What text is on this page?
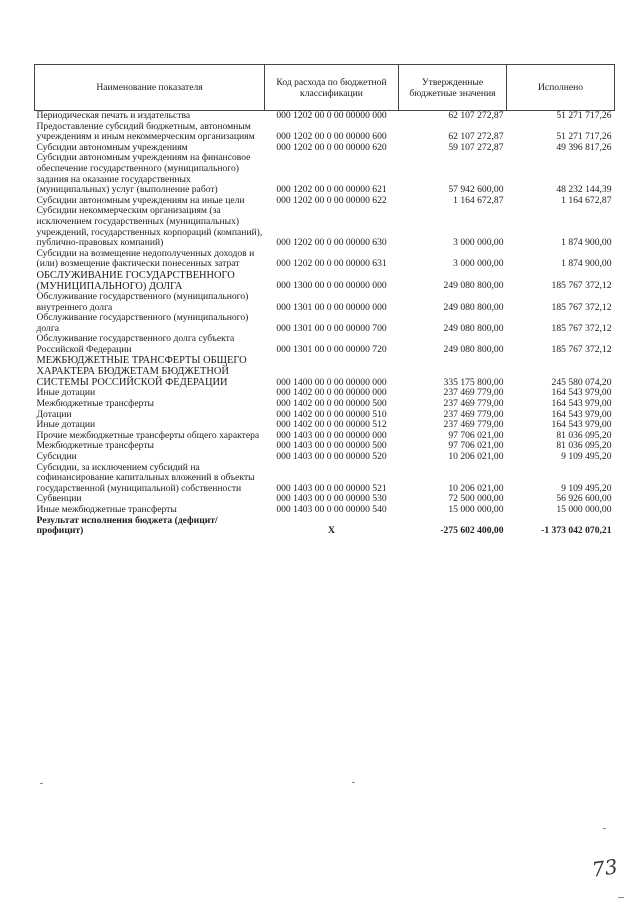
Наименование показателя	Код расхода по бюджетной классификации	Утвержденные бюджетные значения	Исполнено
Периодическая печать и издательства	000 1202 00 0 00 00000 000	62 107 272,87	51 271 717,26
Предоставление субсидий бюджетным, автономным учреждениям и иным некоммерческим организациям	000 1202 00 0 00 00000 600	62 107 272,87	51 271 717,26
Субсидии автономным учреждениям	000 1202 00 0 00 00000 620	59 107 272,87	49 396 817,26
Субсидии автономным учреждениям на финансовое обеспечение государственного (муниципального) задания на оказание государственных (муниципальных) услуг (выполнение работ)	000 1202 00 0 00 00000 621	57 942 600,00	48 232 144,39
Субсидии автономным учреждениям на иные цели	000 1202 00 0 00 00000 622	1 164 672,87	1 164 672,87
Субсидии некоммерческим организациям (за исключением государственных (муниципальных) учреждений, государственных корпораций (компаний), публично-правовых компаний)	000 1202 00 0 00 00000 630	3 000 000,00	1 874 900,00
Субсидии на возмещение недополученных доходов и (или) возмещение фактически понесенных затрат	000 1202 00 0 00 00000 631	3 000 000,00	1 874 900,00
ОБСЛУЖИВАНИЕ ГОСУДАРСТВЕННОГО (МУНИЦИПАЛЬНОГО) ДОЛГА	000 1300 00 0 00 00000 000	249 080 800,00	185 767 372,12
Обслуживание государственного (муниципального) внутреннего долга	000 1301 00 0 00 00000 000	249 080 800,00	185 767 372,12
Обслуживание государственного (муниципального) долга	000 1301 00 0 00 00000 700	249 080 800,00	185 767 372,12
Обслуживание государственного долга субъекта Российской Федерации	000 1301 00 0 00 00000 720	249 080 800,00	185 767 372,12
МЕЖБЮДЖЕТНЫЕ ТРАНСФЕРТЫ ОБЩЕГО ХАРАКТЕРА БЮДЖЕТАМ БЮДЖЕТНОЙ СИСТЕМЫ РОССИЙСКОЙ ФЕДЕРАЦИИ	000 1400 00 0 00 00000 000	335 175 800,00	245 580 074,20
Иные дотации	000 1402 00 0 00 00000 000	237 469 779,00	164 543 979,00
Межбюджетные трансферты	000 1402 00 0 00 00000 500	237 469 779,00	164 543 979,00
Дотации	000 1402 00 0 00 00000 510	237 469 779,00	164 543 979,00
Иные дотации	000 1402 00 0 00 00000 512	237 469 779,00	164 543 979,00
Прочие межбюджетные трансферты общего характера	000 1403 00 0 00 00000 000	97 706 021,00	81 036 095,20
Межбюджетные трансферты	000 1403 00 0 00 00000 500	97 706 021,00	81 036 095,20
Субсидии	000 1403 00 0 00 00000 520	10 206 021,00	9 109 495,20
Субсидии, за исключением субсидий на софинансирование капитальных вложений в объекты государственной (муниципальной) собственности	000 1403 00 0 00 00000 521	10 206 021,00	9 109 495,20
Субвенции	000 1403 00 0 00 00000 530	72 500 000,00	56 926 600,00
Иные межбюджетные трансферты	000 1403 00 0 00 00000 540	15 000 000,00	15 000 000,00
Результат исполнения бюджета (дефицит/профицит)	X	-275 602 400,00	-1 373 042 070,21
73
